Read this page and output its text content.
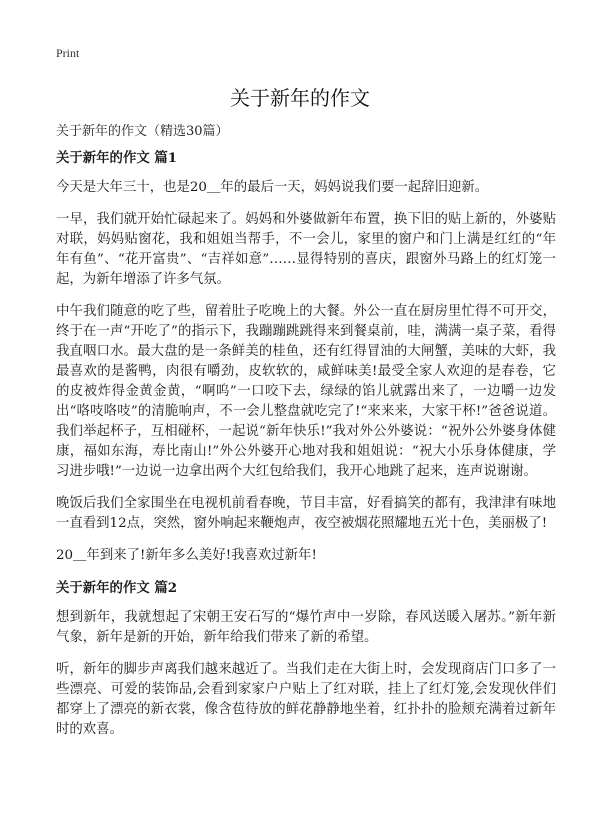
Print
关于新年的作文
关于新年的作文（精选30篇）
关于新年的作文 篇1

今天是大年三十，也是20＿年的最后一天，妈妈说我们要一起辞旧迎新。

一早，我们就开始忙碌起来了。妈妈和外婆做新年布置，换下旧的贴上新的，外婆贴对联，妈妈贴窗花，我和姐姐当帮手，不一会儿，家里的窗户和门上满是红红的“年年有鱼”、“花开富贵”、“吉祥如意”……显得特别的喜庆，跟窗外马路上的红灯笼一起，为新年增添了许多气氛。

中午我们随意的吃了些，留着肚子吃晚上的大餐。外公一直在厨房里忙得不可开交，终于在一声“开吃了”的指示下，我蹦蹦跳跳得来到餐桌前，哇，满满一桌子菜，看得我直咽口水。最大盘的是一条鲜美的桂鱼，还有红得冒油的大闸蟹，美味的大虾，我最喜欢的是酱鸭，肉很有嚼劲，皮软软的，咸鲜味美!最受全家人欢迎的是春卷，它的皮被炸得金黄金黄，“啊呜”一口咬下去，绿绿的馅儿就露出来了，一边嚼一边发出“咯吱咯吱”的清脆响声，不一会儿整盘就吃完了!“来来来，大家干杯!”爸爸说道。我们举起杯子，互相碰杯，一起说“新年快乐!”我对外公外婆说：“祝外公外婆身体健康，福如东海，寿比南山!”外公外婆开心地对我和姐姐说：“祝大小乐身体健康，学习进步哦!”一边说一边拿出两个大红包给我们，我开心地跳了起来，连声说谢谢。

晚饭后我们全家围坐在电视机前看春晚，节目丰富，好看搞笑的都有，我津津有味地一直看到12点，突然，窗外响起来鞭炮声，夜空被烟花照耀地五光十色，美丽极了!

20＿年到来了!新年多么美好!我喜欢过新年!

关于新年的作文 篇2

想到新年，我就想起了宋朝王安石写的“爆竹声中一岁除，春风送暖入屠苏。”新年新气象，新年是新的开始，新年给我们带来了新的希望。

听，新年的脚步声离我们越来越近了。当我们走在大街上时，会发现商店门口多了一些漂亮、可爱的装饰品,会看到家家户户贴上了红对联，挂上了红灯笼,会发现伙伴们都穿上了漂亮的新衣裳，像含苞待放的鲜花静静地坐着，红扑扑的脸颊充满着过新年时的欢喜。
